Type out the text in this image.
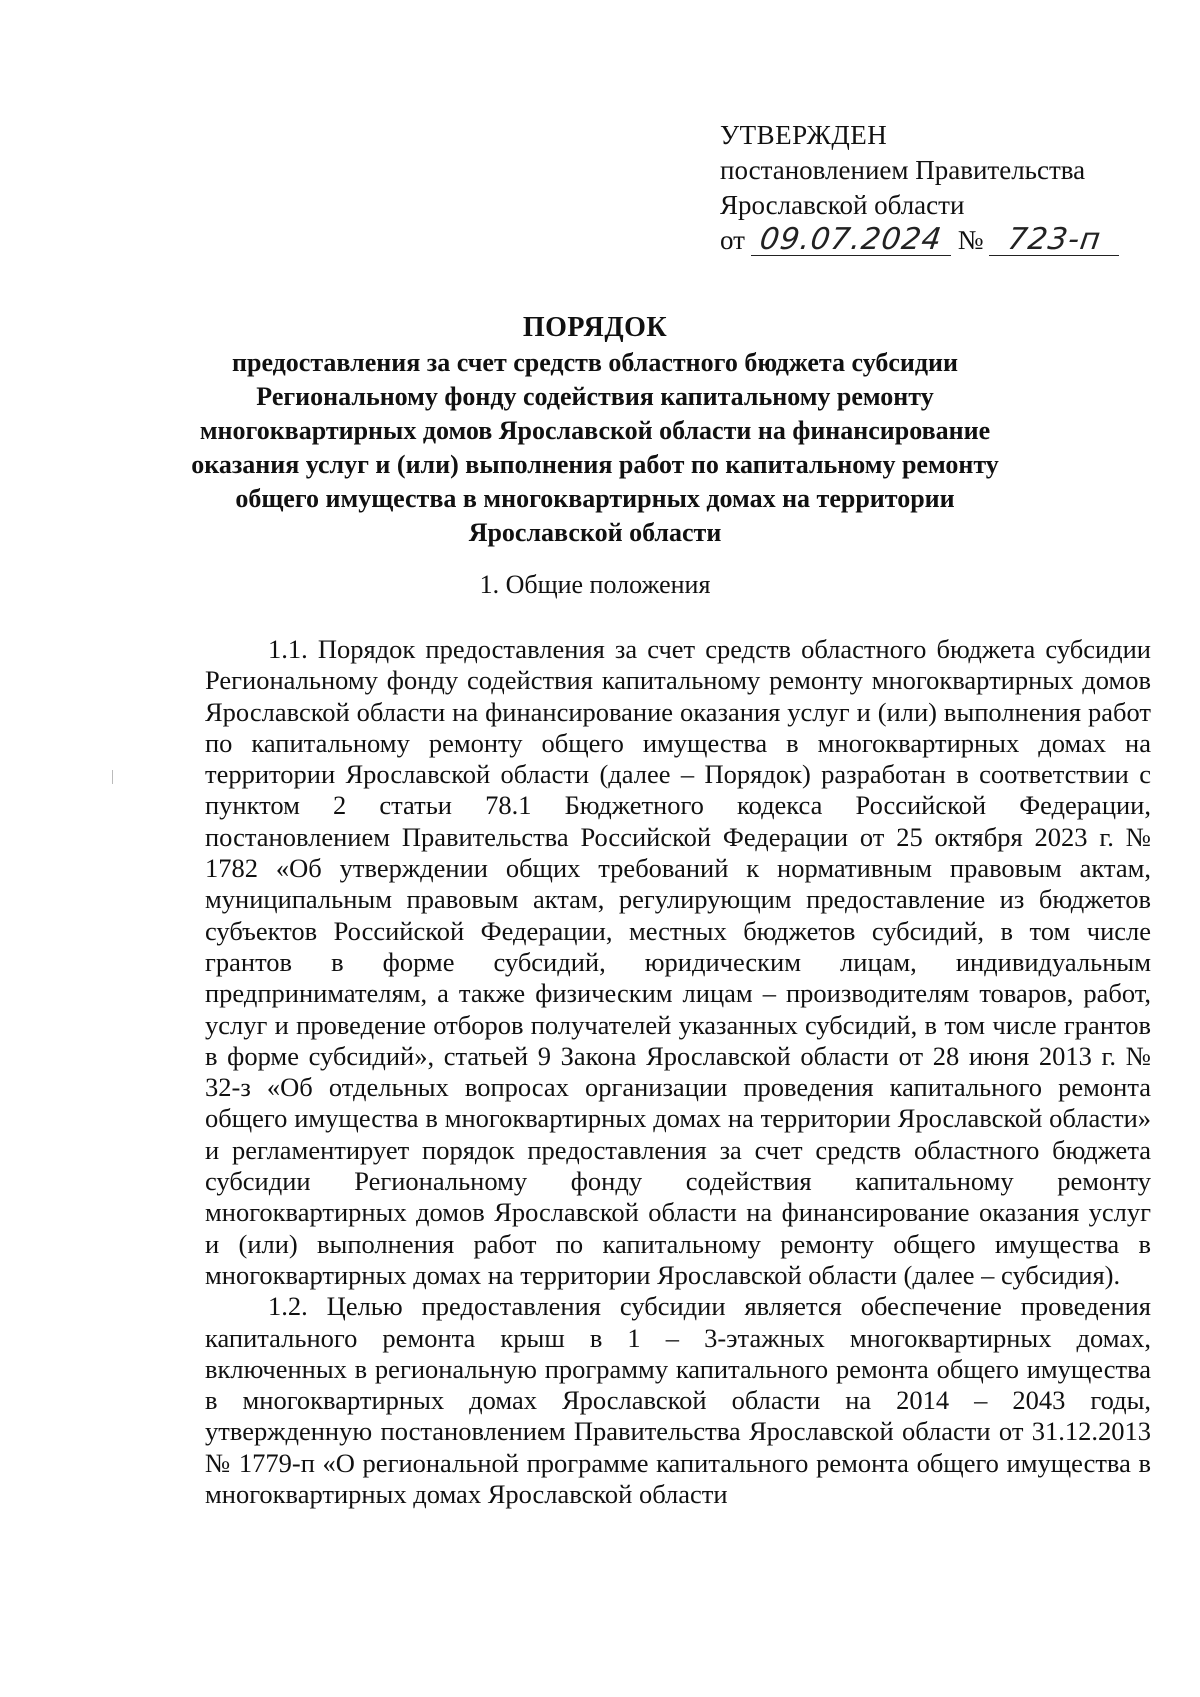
УТВЕРЖДЕН
постановлением Правительства
Ярославской области
от 09.07.2024 № 723-п
ПОРЯДОК
предоставления за счет средств областного бюджета субсидии
Региональному фонду содействия капитальному ремонту
многоквартирных домов Ярославской области на финансирование
оказания услуг и (или) выполнения работ по капитальному ремонту
общего имущества в многоквартирных домах на территории
Ярославской области
1. Общие положения

1.1. Порядок предоставления за счет средств областного бюджета субсидии Региональному фонду содействия капитальному ремонту многоквартирных домов Ярославской области на финансирование оказания услуг и (или) выполнения работ по капитальному ремонту общего имущества в многоквартирных домах на территории Ярославской области (далее – Порядок) разработан в соответствии с пунктом 2 статьи 78.1 Бюджетного кодекса Российской Федерации, постановлением Правительства Российской Федерации от 25 октября 2023 г. № 1782 «Об утверждении общих требований к нормативным правовым актам, муниципальным правовым актам, регулирующим предоставление из бюджетов субъектов Российской Федерации, местных бюджетов субсидий, в том числе грантов в форме субсидий, юридическим лицам, индивидуальным предпринимателям, а также физическим лицам – производителям товаров, работ, услуг и проведение отборов получателей указанных субсидий, в том числе грантов в форме субсидий», статьей 9 Закона Ярославской области от 28 июня 2013 г. № 32-з «Об отдельных вопросах организации проведения капитального ремонта общего имущества в многоквартирных домах на территории Ярославской области» и регламентирует порядок предоставления за счет средств областного бюджета субсидии Региональному фонду содействия капитальному ремонту многоквартирных домов Ярославской области на финансирование оказания услуг и (или) выполнения работ по капитальному ремонту общего имущества в многоквартирных домах на территории Ярославской области (далее – субсидия).

1.2. Целью предоставления субсидии является обеспечение проведения капитального ремонта крыш в 1 – 3-этажных многоквартирных домах, включенных в региональную программу капитального ремонта общего имущества в многоквартирных домах Ярославской области на 2014 – 2043 годы, утвержденную постановлением Правительства Ярославской области от 31.12.2013 № 1779-п «О региональной программе капитального ремонта общего имущества в многоквартирных домах Ярославской области
